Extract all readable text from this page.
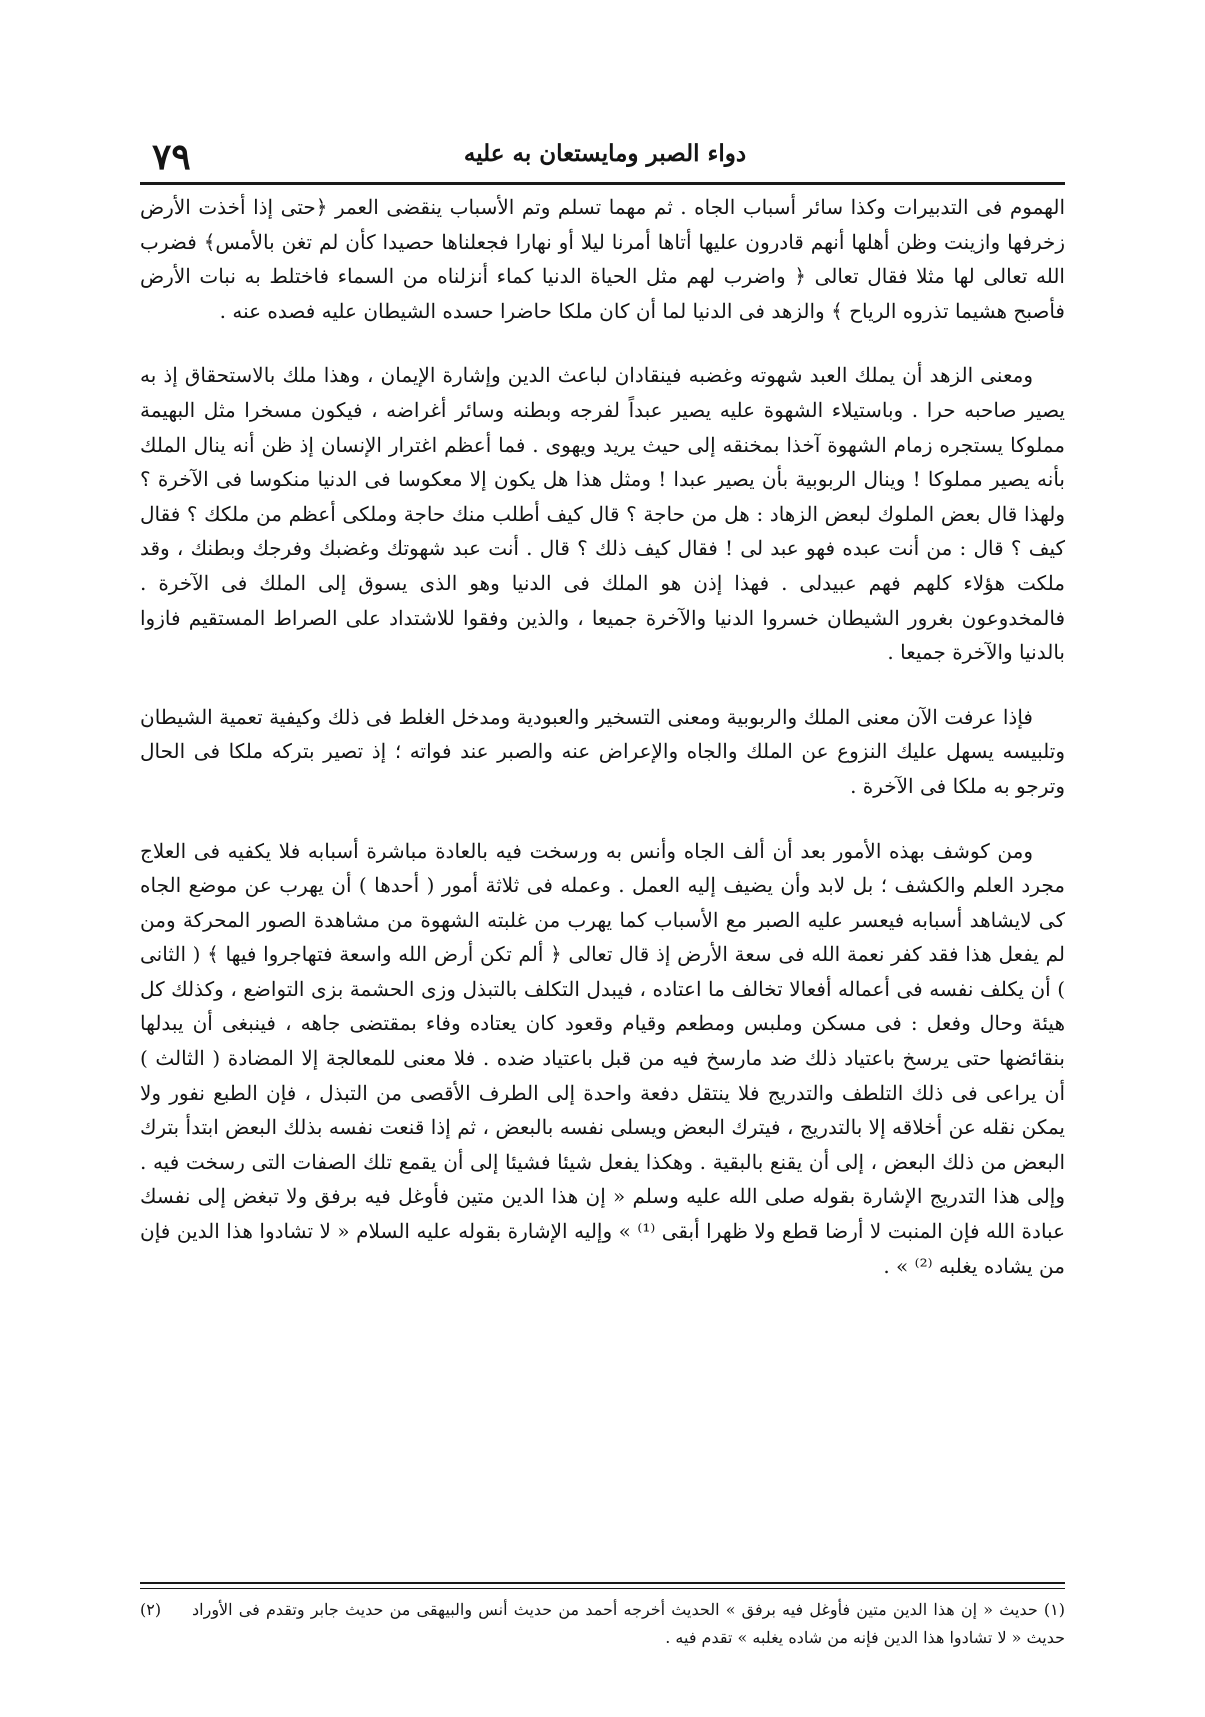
دواء الصبر ومايستعان به عليه
٧٩

الهموم فى التدبيرات وكذا سائر أسباب الجاه . ثم مهما تسلم وتم الأسباب ينقضى العمر ﴿حتى إذا أخذت الأرض زخرفها وازينت وظن أهلها أنهم قادرون عليها أتاها أمرنا ليلا أو نهارا فجعلناها حصيدا كأن لم تغن بالأمس﴾ فضرب الله تعالى لها مثلا فقال تعالى ﴿ واضرب لهم مثل الحياة الدنيا كماء أنزلناه من السماء فاختلط به نبات الأرض فأصبح هشيما تذروه الرياح ﴾ والزهد فى الدنيا لما أن كان ملكا حاضرا حسده الشيطان عليه فصده عنه .

ومعنى الزهد أن يملك العبد شهوته وغضبه فينقادان لباعث الدين وإشارة الإيمان ، وهذا ملك بالاستحقاق إذ به يصير صاحبه حرا . وباستيلاء الشهوة عليه يصير عبداً لفرجه وبطنه وسائر أغراضه ، فيكون مسخرا مثل البهيمة مملوكا يستجره زمام الشهوة آخذا بمخنقه إلى حيث يريد ويهوى . فما أعظم اغترار الإنسان إذ ظن أنه ينال الملك بأنه يصير مملوكا ! وينال الربوبية بأن يصير عبدا ! ومثل هذا هل يكون إلا معكوسا فى الدنيا منكوسا فى الآخرة ؟ ولهذا قال بعض الملوك لبعض الزهاد : هل من حاجة ؟ قال كيف أطلب منك حاجة وملكى أعظم من ملكك ؟ فقال كيف ؟ قال : من أنت عبده فهو عبد لى ! فقال كيف ذلك ؟ قال . أنت عبد شهوتك وغضبك وفرجك وبطنك ، وقد ملكت هؤلاء كلهم فهم عبيدلى . فهذا إذن هو الملك فى الدنيا وهو الذى يسوق إلى الملك فى الآخرة . فالمخدوعون بغرور الشيطان خسروا الدنيا والآخرة جميعا ، والذين وفقوا للاشتداد على الصراط المستقيم فازوا بالدنيا والآخرة جميعا .

فإذا عرفت الآن معنى الملك والربوبية ومعنى التسخير والعبودية ومدخل الغلط فى ذلك وكيفية تعمية الشيطان وتلبيسه يسهل عليك النزوع عن الملك والجاه والإعراض عنه والصبر عند فواته ؛ إذ تصير بتركه ملكا فى الحال وترجو به ملكا فى الآخرة .

ومن كوشف بهذه الأمور بعد أن ألف الجاه وأنس به ورسخت فيه بالعادة مباشرة أسبابه فلا يكفيه فى العلاج مجرد العلم والكشف ؛ بل لابد وأن يضيف إليه العمل . وعمله فى ثلاثة أمور ( أحدها ) أن يهرب عن موضع الجاه كى لايشاهد أسبابه فيعسر عليه الصبر مع الأسباب كما يهرب من غلبته الشهوة من مشاهدة الصور المحركة ومن لم يفعل هذا فقد كفر نعمة الله فى سعة الأرض إذ قال تعالى ﴿ ألم تكن أرض الله واسعة فتهاجروا فيها ﴾ ( الثانى ) أن يكلف نفسه فى أعماله أفعالا تخالف ما اعتاده ، فيبدل التكلف بالتبذل وزى الحشمة بزى التواضع ، وكذلك كل هيئة وحال وفعل : فى مسكن وملبس ومطعم وقيام وقعود كان يعتاده وفاء بمقتضى جاهه ، فينبغى أن يبدلها بنقائضها حتى يرسخ باعتياد ذلك ضد مارسخ فيه من قبل باعتياد ضده . فلا معنى للمعالجة إلا المضادة ( الثالث ) أن يراعى فى ذلك التلطف والتدريج فلا ينتقل دفعة واحدة إلى الطرف الأقصى من التبذل ، فإن الطبع نفور ولا يمكن نقله عن أخلاقه إلا بالتدريج ، فيترك البعض ويسلى نفسه بالبعض ، ثم إذا قنعت نفسه بذلك البعض ابتدأ بترك البعض من ذلك البعض ، إلى أن يقنع بالبقية . وهكذا يفعل شيئا فشيئا إلى أن يقمع تلك الصفات التى رسخت فيه . وإلى هذا التدريج الإشارة بقوله صلى الله عليه وسلم « إن هذا الدين متين فأوغل فيه برفق ولا تبغض إلى نفسك عبادة الله فإن المنبت لا أرضا قطع ولا ظهرا أبقى ⁽¹⁾ » وإليه الإشارة بقوله عليه السلام « لا تشادوا هذا الدين فإن من يشاده يغلبه ⁽²⁾ » .

(١) حديث « إن هذا الدين متين فأوغل فيه برفق » الحديث أخرجه أحمد من حديث أنس والبيهقى من حديث جابر وتقدم فى الأوراد     (٢) حديث « لا تشادوا هذا الدين فإنه من شاده يغلبه » تقدم فيه .
